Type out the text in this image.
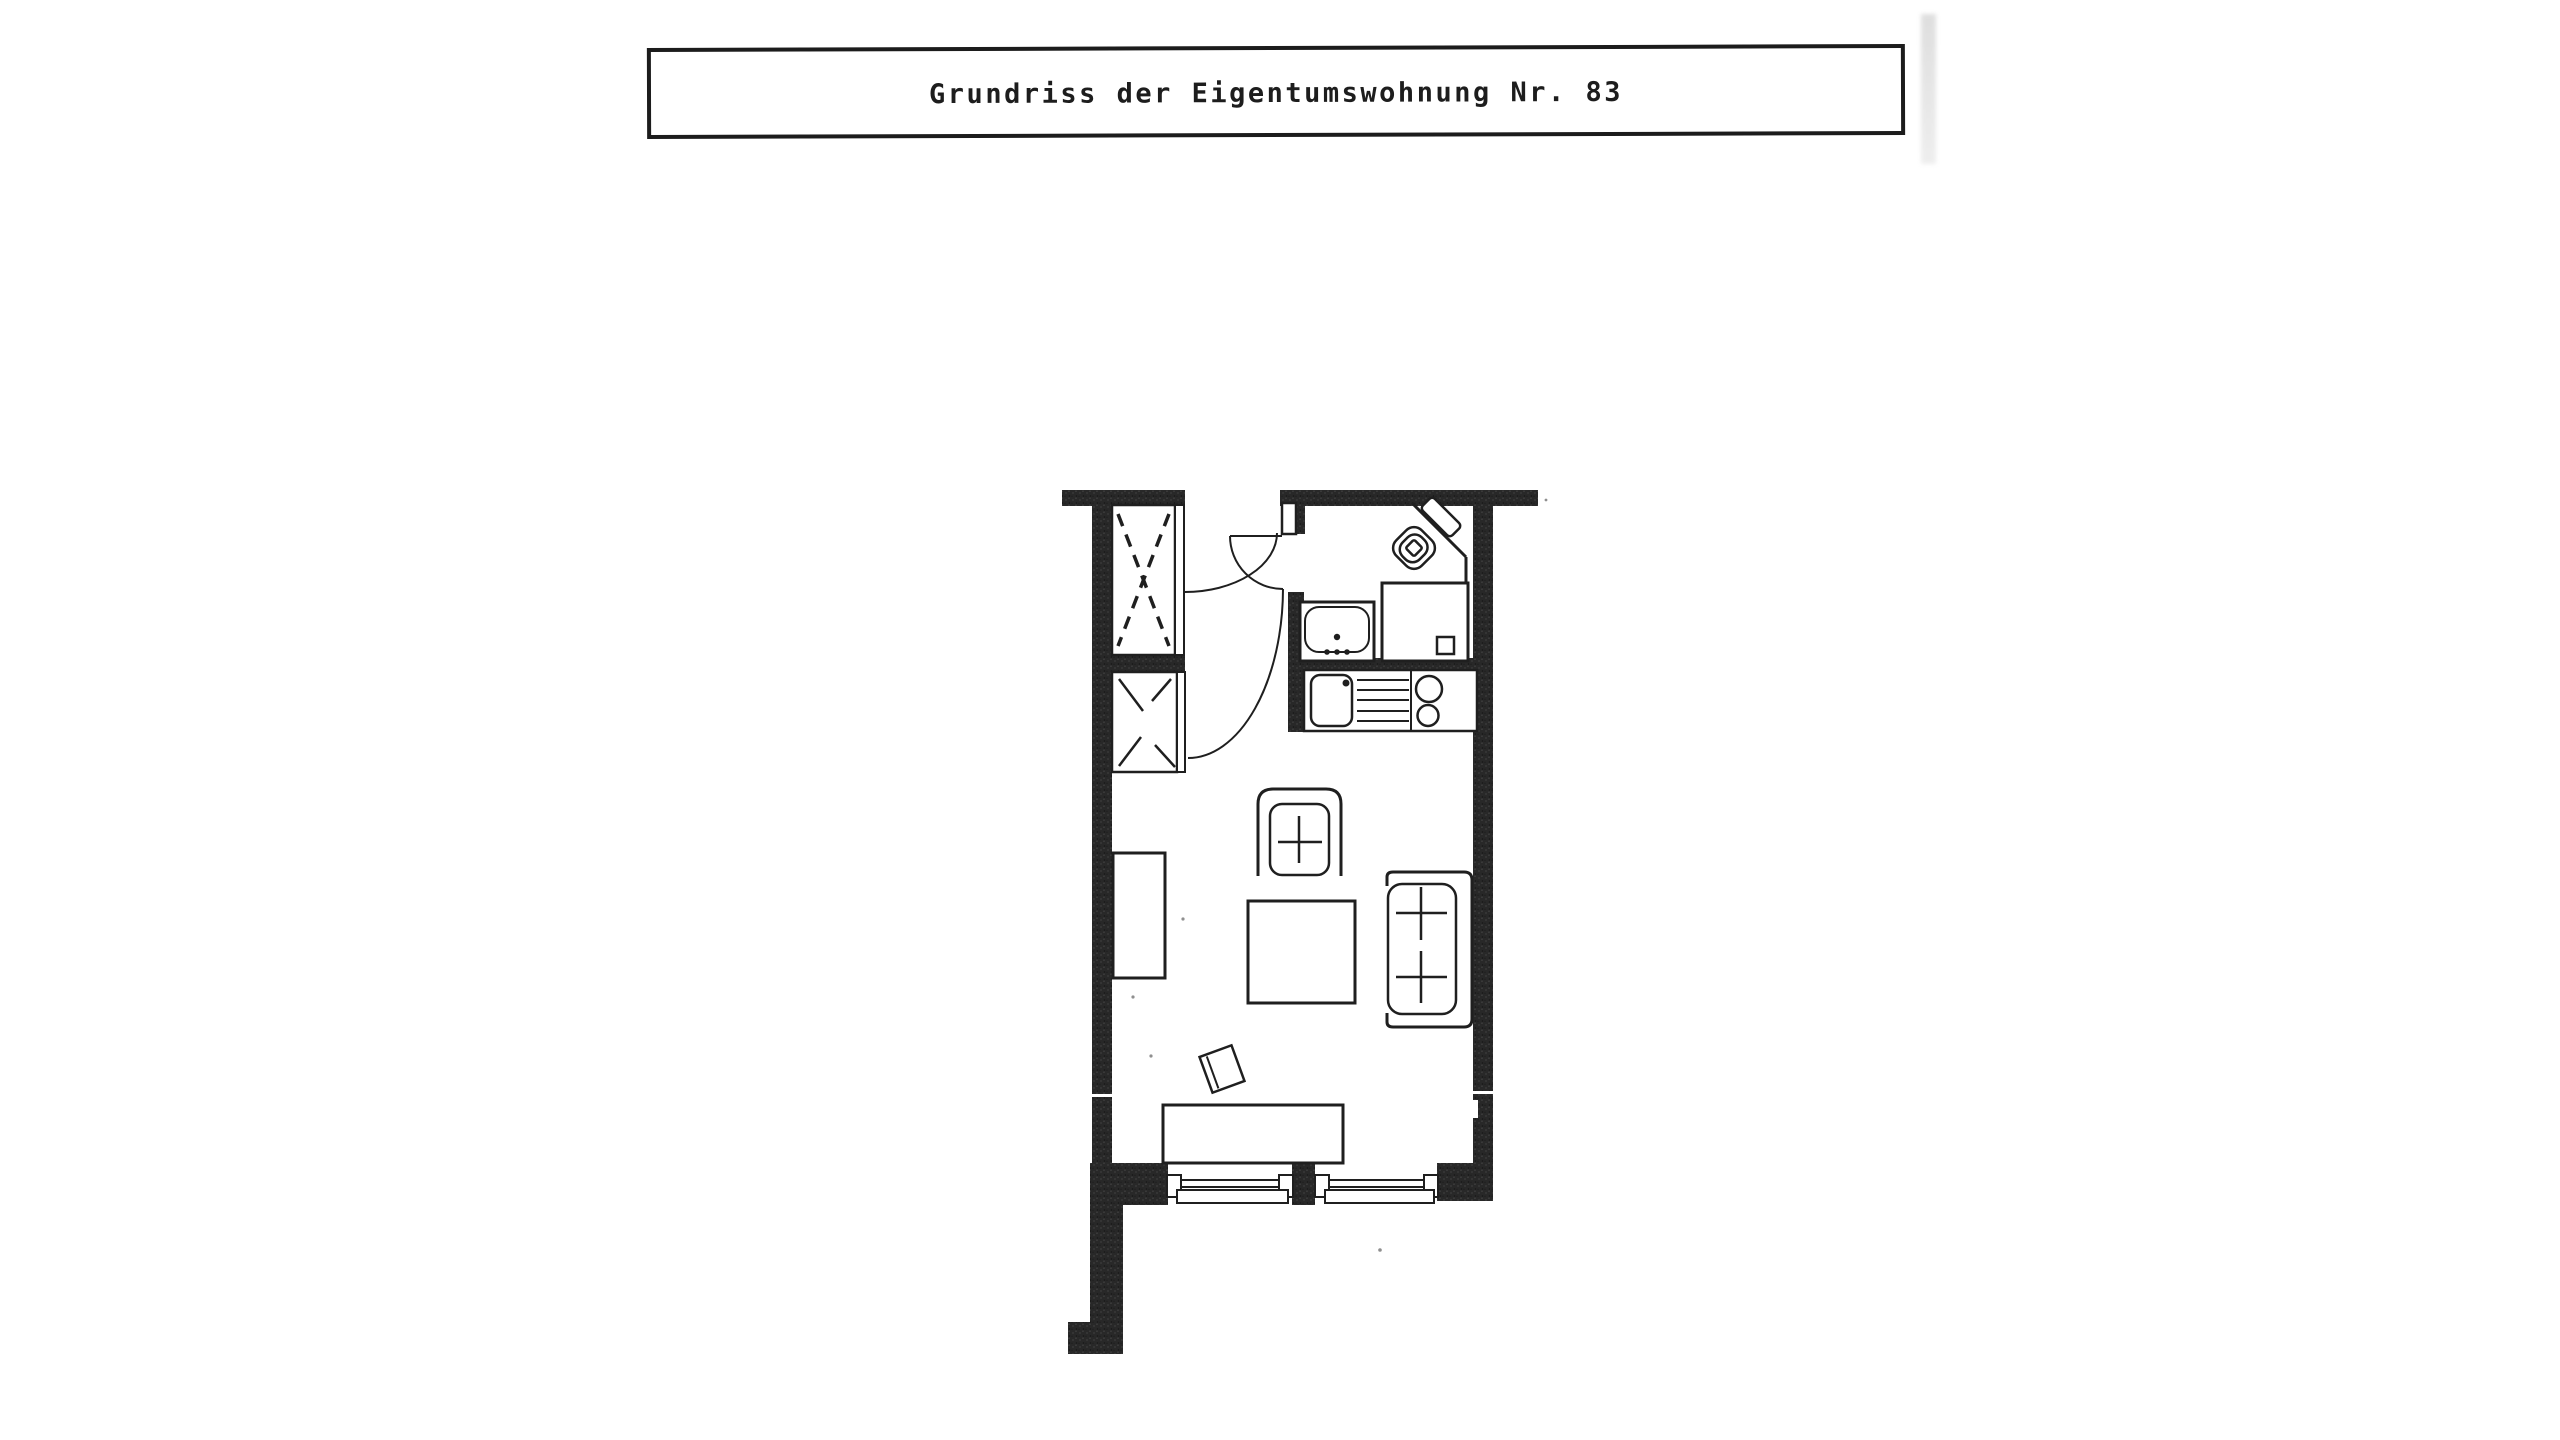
Grundriss der Eigentumswohnung Nr. 83
